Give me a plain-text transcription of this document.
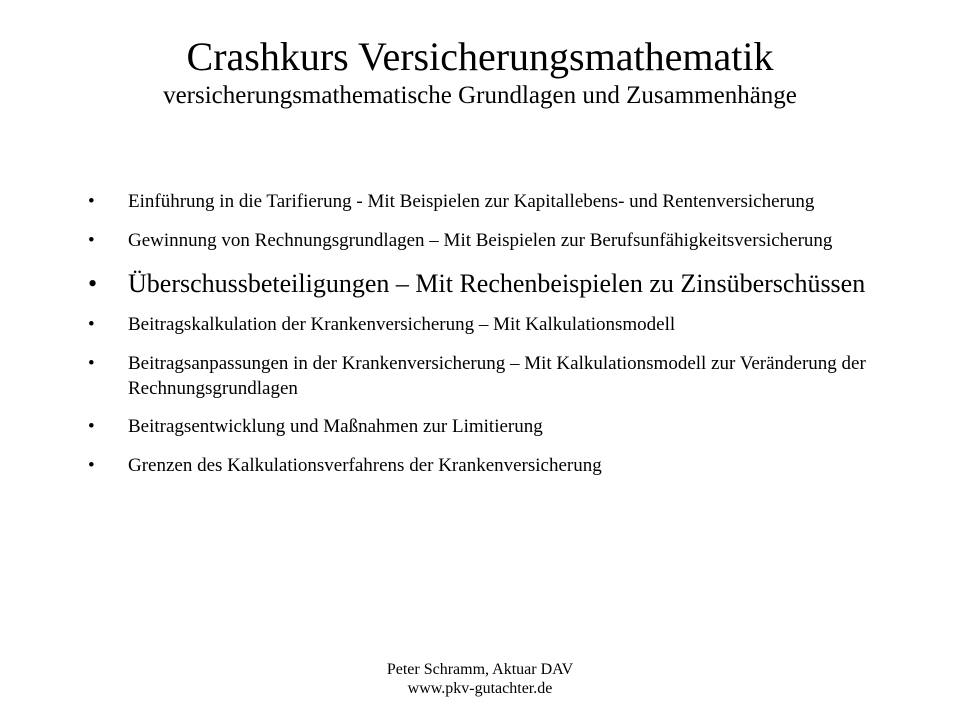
Crashkurs Versicherungsmathematik
versicherungsmathematische Grundlagen und Zusammenhänge
• Einführung in die Tarifierung - Mit Beispielen zur Kapitallebens- und Rentenversicherung
• Gewinnung von Rechnungsgrundlagen – Mit Beispielen zur Berufsunfähigkeitsversicherung
• Überschussbeteiligungen – Mit Rechenbeispielen zu Zinsüberschüssen
• Beitragskalkulation der Krankenversicherung – Mit Kalkulationsmodell
• Beitragsanpassungen in der Krankenversicherung – Mit Kalkulationsmodell zur Veränderung der Rechnungsgrundlagen
• Beitragsentwicklung und Maßnahmen zur Limitierung
• Grenzen des Kalkulationsverfahrens der Krankenversicherung
Peter Schramm, Aktuar DAV
www.pkv-gutachter.de
